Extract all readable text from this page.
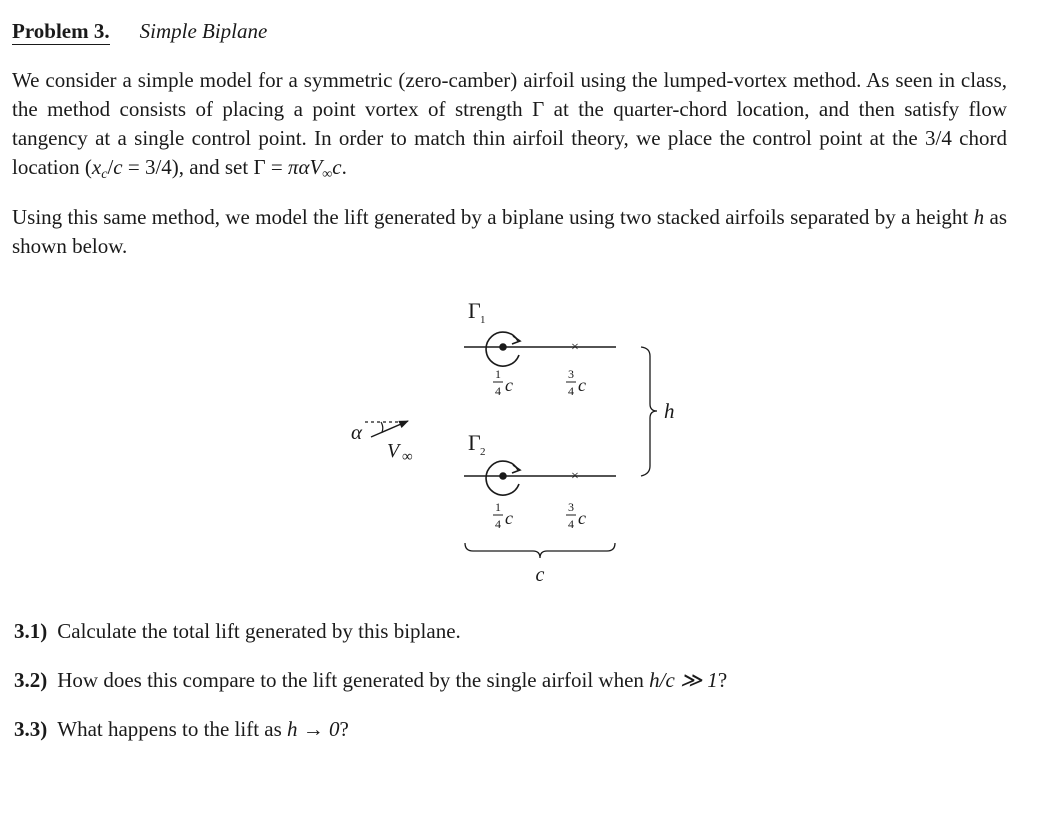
Problem 3. Simple Biplane

We consider a simple model for a symmetric (zero-camber) airfoil using the lumped-vortex method. As seen in class, the method consists of placing a point vortex of strength Γ at the quarter-chord location, and then satisfy flow tangency at a single control point. In order to match thin airfoil theory, we place the control point at the 3/4 chord location $(x_c/c = 3/4)$, and set Γ = παV$_\infty$c.

Using this same method, we model the lift generated by a biplane using two stacked airfoils separated by a height h as shown below.

Γ 1
×
1
4 c
3
4 c
Γ 2
×
1
4 c
3
4 c
h
c
α
V ∞
3.1) Calculate the total lift generated by this biplane.
3.2) How does this compare to the lift generated by the single airfoil when h/c ≫ 1?
3.3) What happens to the lift as h → 0?
